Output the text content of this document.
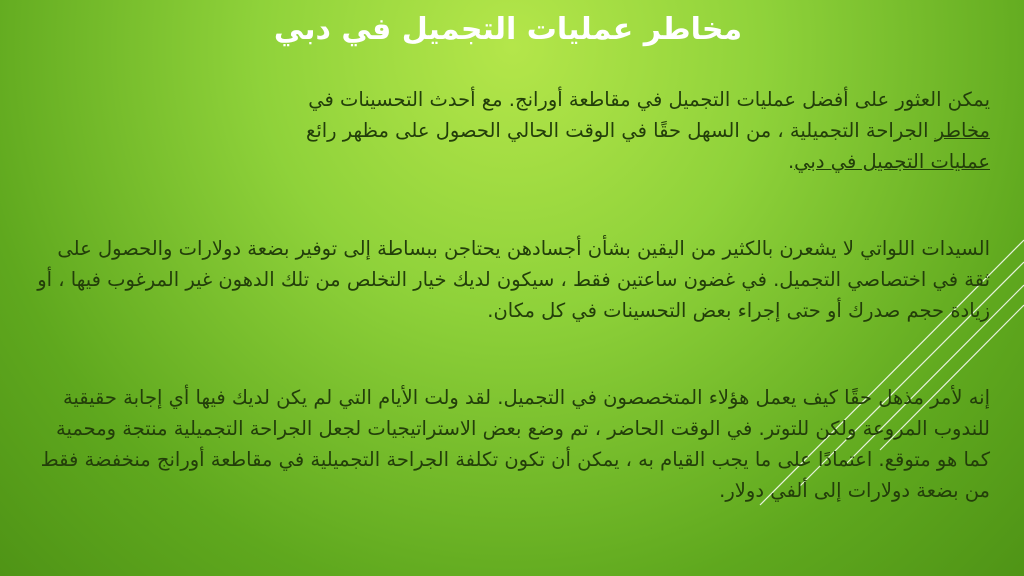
مخاطر عمليات التجميل في دبي

يمكن العثور على أفضل عمليات التجميل في مقاطعة أورانج. مع أحدث التحسينات في
مخاطر الجراحة التجميلية ، من السهل حقًا في الوقت الحالي الحصول على مظهر رائع
عمليات التجميل في دبي.

السيدات اللواتي لا يشعرن بالكثير من اليقين بشأن أجسادهن يحتاجن ببساطة إلى توفير بضعة دولارات والحصول على ثقة في اختصاصي التجميل. في غضون ساعتين فقط ، سيكون لديك خيار التخلص من تلك الدهون غير المرغوب فيها ، أو زيادة حجم صدرك أو حتى إجراء بعض التحسينات في كل مكان.

إنه لأمر مذهل حقًا كيف يعمل هؤلاء المتخصصون في التجميل. لقد ولت الأيام التي لم يكن لديك فيها أي إجابة حقيقية للندوب المروعة ولكن للتوتر. في الوقت الحاضر ، تم وضع بعض الاستراتيجيات لجعل الجراحة التجميلية منتجة ومحمية كما هو متوقع. اعتمادًا على ما يجب القيام به ، يمكن أن تكون تكلفة الجراحة التجميلية في مقاطعة أورانج منخفضة فقط من بضعة دولارات إلى ألفي دولار.
